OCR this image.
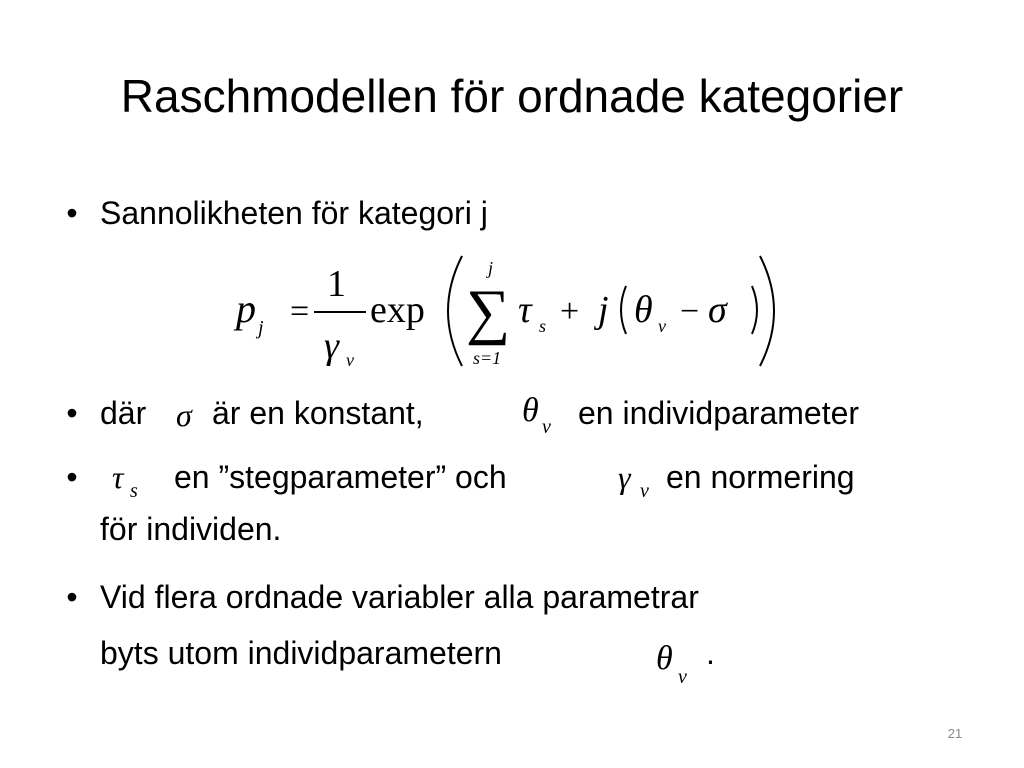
Raschmodellen för ordnade kategorier
• Sannolikheten för kategori j
p j =
1
γ v
exp
j
∑
s=1
τ s + j θ v − σ
• där σ är en konstant,	θ v en individparameter
• τ s en ”stegparameter” och	γ v en normering
för individen.
• Vid flera ordnade variabler alla parametrar
byts utom individparametern	θ v
.
21
